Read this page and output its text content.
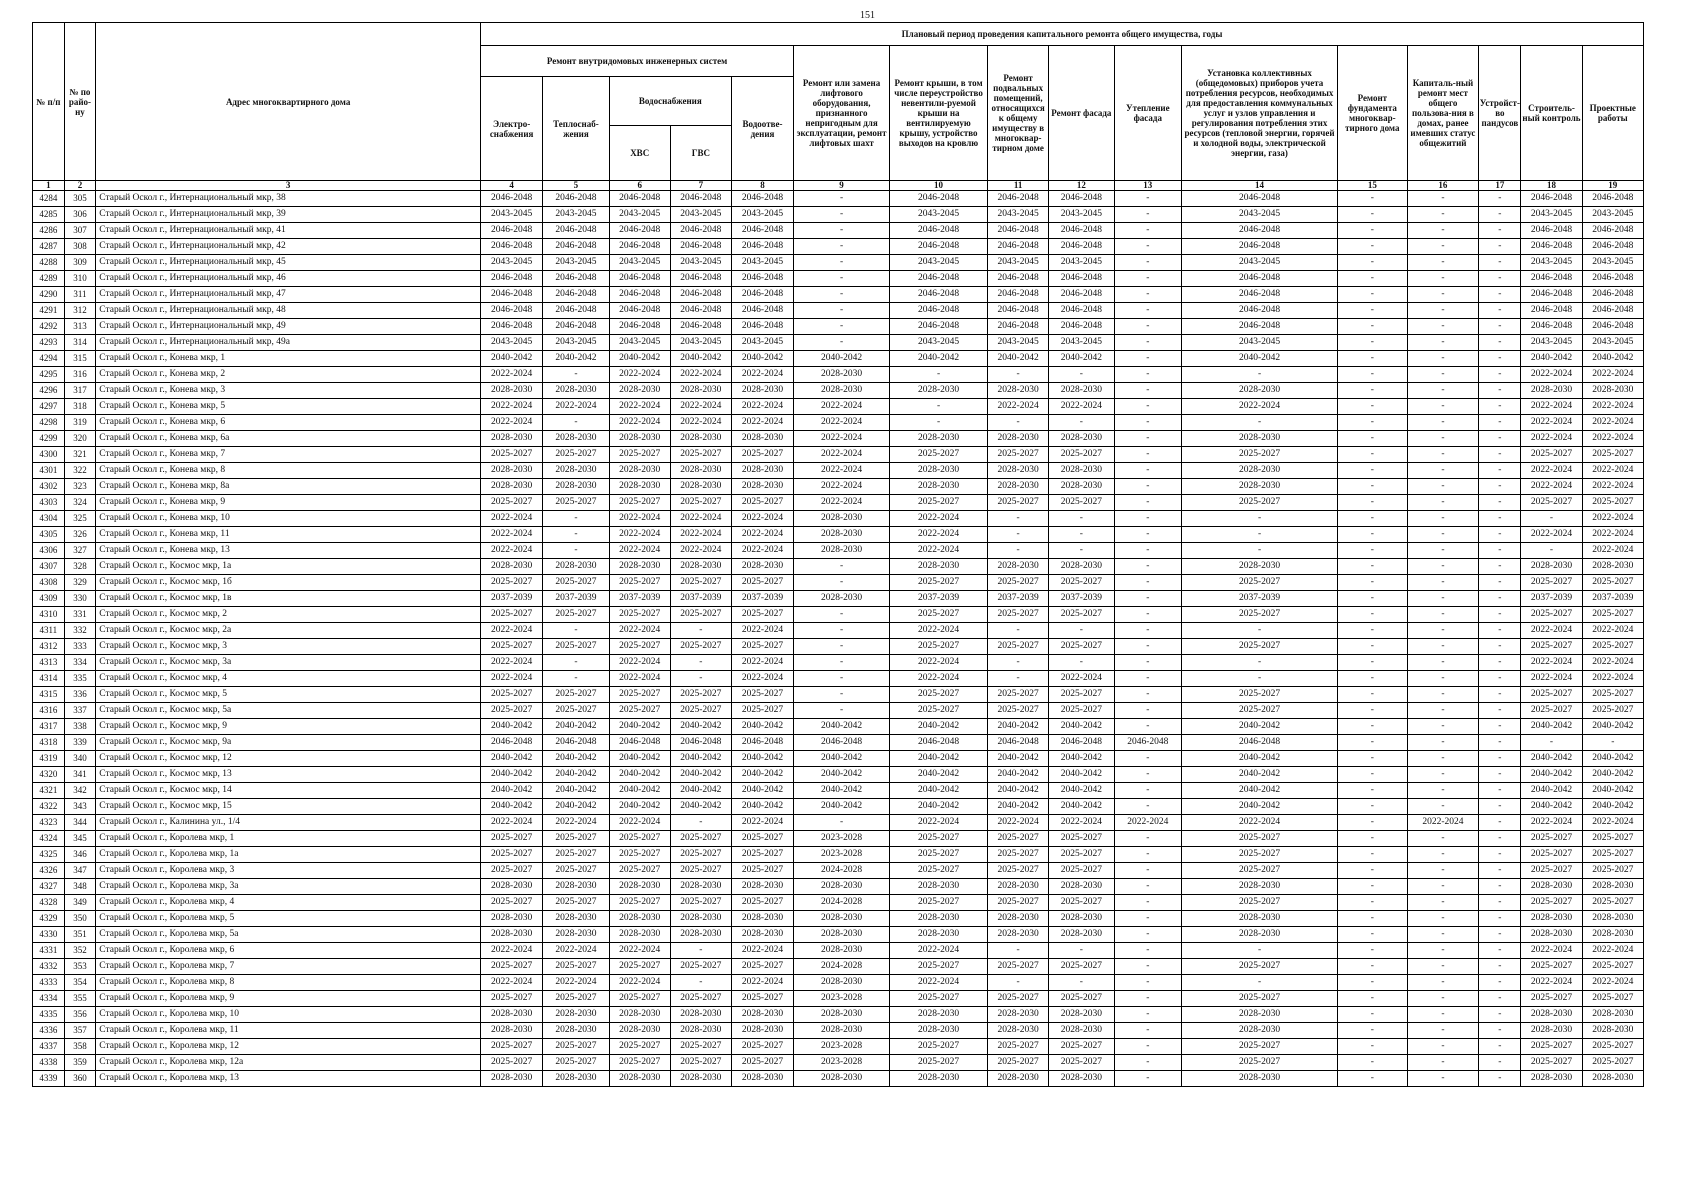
151
№ п/п	№ по райо-ну	Адрес многоквартирного дома	Плановый период проведения капитального ремонта общего имущества, годы															
			Ремонт внутридомовых инженерных систем					Ремонт или замена лифтового оборудования, признанного непригодным для эксплуатации, ремонт лифтовых шахт	Ремонт крыши, в том числе переустройство невентили-руемой крыши на вентилируемую крышу, устройство выходов на кровлю	Ремонт подвальных помещений, относящихся к общему имуществу в многоквар-тирном доме	Ремонт фасада	Утепление фасада	Установка коллективных (общедомовых) приборов учета потребления ресурсов, необходимых для предоставления коммунальных услуг и узлов управления и регулирования потребления этих ресурсов (тепловой энергии, горячей и холодной воды, электрической энергии, газа)	Ремонт фундамента многоквар-тирного дома	Капиталь-ный ремонт мест общего пользова-ния в домах, ранее имевших статус общежитий	Устройст-во пандусов	Строитель-ный контроль	Проектные работы
			Электро-снабжения	Теплоснаб-жения	Водоснабжения		Водоотве-дения											
					ХВС	ГВС												
1	2	3	4	5	6	7	8	9	10	11	12	13	14	15	16	17	18	19
4284	305	Старый Оскол г., Интернациональный мкр, 38	2046-2048	2046-2048	2046-2048	2046-2048	2046-2048	-	2046-2048	2046-2048	2046-2048	-	2046-2048	-	-	-	2046-2048	2046-2048
4285	306	Старый Оскол г., Интернациональный мкр, 39	2043-2045	2043-2045	2043-2045	2043-2045	2043-2045	-	2043-2045	2043-2045	2043-2045	-	2043-2045	-	-	-	2043-2045	2043-2045
4286	307	Старый Оскол г., Интернациональный мкр, 41	2046-2048	2046-2048	2046-2048	2046-2048	2046-2048	-	2046-2048	2046-2048	2046-2048	-	2046-2048	-	-	-	2046-2048	2046-2048
4287	308	Старый Оскол г., Интернациональный мкр, 42	2046-2048	2046-2048	2046-2048	2046-2048	2046-2048	-	2046-2048	2046-2048	2046-2048	-	2046-2048	-	-	-	2046-2048	2046-2048
4288	309	Старый Оскол г., Интернациональный мкр, 45	2043-2045	2043-2045	2043-2045	2043-2045	2043-2045	-	2043-2045	2043-2045	2043-2045	-	2043-2045	-	-	-	2043-2045	2043-2045
4289	310	Старый Оскол г., Интернациональный мкр, 46	2046-2048	2046-2048	2046-2048	2046-2048	2046-2048	-	2046-2048	2046-2048	2046-2048	-	2046-2048	-	-	-	2046-2048	2046-2048
4290	311	Старый Оскол г., Интернациональный мкр, 47	2046-2048	2046-2048	2046-2048	2046-2048	2046-2048	-	2046-2048	2046-2048	2046-2048	-	2046-2048	-	-	-	2046-2048	2046-2048
4291	312	Старый Оскол г., Интернациональный мкр, 48	2046-2048	2046-2048	2046-2048	2046-2048	2046-2048	-	2046-2048	2046-2048	2046-2048	-	2046-2048	-	-	-	2046-2048	2046-2048
4292	313	Старый Оскол г., Интернациональный мкр, 49	2046-2048	2046-2048	2046-2048	2046-2048	2046-2048	-	2046-2048	2046-2048	2046-2048	-	2046-2048	-	-	-	2046-2048	2046-2048
4293	314	Старый Оскол г., Интернациональный мкр, 49а	2043-2045	2043-2045	2043-2045	2043-2045	2043-2045	-	2043-2045	2043-2045	2043-2045	-	2043-2045	-	-	-	2043-2045	2043-2045
4294	315	Старый Оскол г., Конева мкр, 1	2040-2042	2040-2042	2040-2042	2040-2042	2040-2042	2040-2042	2040-2042	2040-2042	2040-2042	-	2040-2042	-	-	-	2040-2042	2040-2042
4295	316	Старый Оскол г., Конева мкр, 2	2022-2024	-	2022-2024	2022-2024	2022-2024	2028-2030	-	-	-	-	-	-	-	-	2022-2024	2022-2024
4296	317	Старый Оскол г., Конева мкр, 3	2028-2030	2028-2030	2028-2030	2028-2030	2028-2030	2028-2030	2028-2030	2028-2030	2028-2030	-	2028-2030	-	-	-	2028-2030	2028-2030
4297	318	Старый Оскол г., Конева мкр, 5	2022-2024	2022-2024	2022-2024	2022-2024	2022-2024	2022-2024	-	2022-2024	2022-2024	-	2022-2024	-	-	-	2022-2024	2022-2024
4298	319	Старый Оскол г., Конева мкр, 6	2022-2024	-	2022-2024	2022-2024	2022-2024	2022-2024	-	-	-	-	-	-	-	-	2022-2024	2022-2024
4299	320	Старый Оскол г., Конева мкр, 6а	2028-2030	2028-2030	2028-2030	2028-2030	2028-2030	2022-2024	2028-2030	2028-2030	2028-2030	-	2028-2030	-	-	-	2022-2024	2022-2024
4300	321	Старый Оскол г., Конева мкр, 7	2025-2027	2025-2027	2025-2027	2025-2027	2025-2027	2022-2024	2025-2027	2025-2027	2025-2027	-	2025-2027	-	-	-	2025-2027	2025-2027
4301	322	Старый Оскол г., Конева мкр, 8	2028-2030	2028-2030	2028-2030	2028-2030	2028-2030	2022-2024	2028-2030	2028-2030	2028-2030	-	2028-2030	-	-	-	2022-2024	2022-2024
4302	323	Старый Оскол г., Конева мкр, 8а	2028-2030	2028-2030	2028-2030	2028-2030	2028-2030	2022-2024	2028-2030	2028-2030	2028-2030	-	2028-2030	-	-	-	2022-2024	2022-2024
4303	324	Старый Оскол г., Конева мкр, 9	2025-2027	2025-2027	2025-2027	2025-2027	2025-2027	2022-2024	2025-2027	2025-2027	2025-2027	-	2025-2027	-	-	-	2025-2027	2025-2027
4304	325	Старый Оскол г., Конева мкр, 10	2022-2024	-	2022-2024	2022-2024	2022-2024	2028-2030	2022-2024	-	-	-	-	-	-	-	-	2022-2024
4305	326	Старый Оскол г., Конева мкр, 11	2022-2024	-	2022-2024	2022-2024	2022-2024	2028-2030	2022-2024	-	-	-	-	-	-	-	2022-2024	2022-2024
4306	327	Старый Оскол г., Конева мкр, 13	2022-2024	-	2022-2024	2022-2024	2022-2024	2028-2030	2022-2024	-	-	-	-	-	-	-	-	2022-2024
4307	328	Старый Оскол г., Космос мкр, 1а	2028-2030	2028-2030	2028-2030	2028-2030	2028-2030	-	2028-2030	2028-2030	2028-2030	-	2028-2030	-	-	-	2028-2030	2028-2030
4308	329	Старый Оскол г., Космос мкр, 1б	2025-2027	2025-2027	2025-2027	2025-2027	2025-2027	-	2025-2027	2025-2027	2025-2027	-	2025-2027	-	-	-	2025-2027	2025-2027
4309	330	Старый Оскол г., Космос мкр, 1в	2037-2039	2037-2039	2037-2039	2037-2039	2037-2039	2028-2030	2037-2039	2037-2039	2037-2039	-	2037-2039	-	-	-	2037-2039	2037-2039
4310	331	Старый Оскол г., Космос мкр, 2	2025-2027	2025-2027	2025-2027	2025-2027	2025-2027	-	2025-2027	2025-2027	2025-2027	-	2025-2027	-	-	-	2025-2027	2025-2027
4311	332	Старый Оскол г., Космос мкр, 2а	2022-2024	-	2022-2024	-	2022-2024	-	2022-2024	-	-	-	-	-	-	-	2022-2024	2022-2024
4312	333	Старый Оскол г., Космос мкр, 3	2025-2027	2025-2027	2025-2027	2025-2027	2025-2027	-	2025-2027	2025-2027	2025-2027	-	2025-2027	-	-	-	2025-2027	2025-2027
4313	334	Старый Оскол г., Космос мкр, 3а	2022-2024	-	2022-2024	-	2022-2024	-	2022-2024	-	-	-	-	-	-	-	2022-2024	2022-2024
4314	335	Старый Оскол г., Космос мкр, 4	2022-2024	-	2022-2024	-	2022-2024	-	2022-2024	-	2022-2024	-	-	-	-	-	2022-2024	2022-2024
4315	336	Старый Оскол г., Космос мкр, 5	2025-2027	2025-2027	2025-2027	2025-2027	2025-2027	-	2025-2027	2025-2027	2025-2027	-	2025-2027	-	-	-	2025-2027	2025-2027
4316	337	Старый Оскол г., Космос мкр, 5а	2025-2027	2025-2027	2025-2027	2025-2027	2025-2027	-	2025-2027	2025-2027	2025-2027	-	2025-2027	-	-	-	2025-2027	2025-2027
4317	338	Старый Оскол г., Космос мкр, 9	2040-2042	2040-2042	2040-2042	2040-2042	2040-2042	2040-2042	2040-2042	2040-2042	2040-2042	-	2040-2042	-	-	-	2040-2042	2040-2042
4318	339	Старый Оскол г., Космос мкр, 9а	2046-2048	2046-2048	2046-2048	2046-2048	2046-2048	2046-2048	2046-2048	2046-2048	2046-2048	2046-2048	2046-2048	-	-	-	-	-
4319	340	Старый Оскол г., Космос мкр, 12	2040-2042	2040-2042	2040-2042	2040-2042	2040-2042	2040-2042	2040-2042	2040-2042	2040-2042	-	2040-2042	-	-	-	2040-2042	2040-2042
4320	341	Старый Оскол г., Космос мкр, 13	2040-2042	2040-2042	2040-2042	2040-2042	2040-2042	2040-2042	2040-2042	2040-2042	2040-2042	-	2040-2042	-	-	-	2040-2042	2040-2042
4321	342	Старый Оскол г., Космос мкр, 14	2040-2042	2040-2042	2040-2042	2040-2042	2040-2042	2040-2042	2040-2042	2040-2042	2040-2042	-	2040-2042	-	-	-	2040-2042	2040-2042
4322	343	Старый Оскол г., Космос мкр, 15	2040-2042	2040-2042	2040-2042	2040-2042	2040-2042	2040-2042	2040-2042	2040-2042	2040-2042	-	2040-2042	-	-	-	2040-2042	2040-2042
4323	344	Старый Оскол г., Калинина ул., 1/4	2022-2024	2022-2024	2022-2024	-	2022-2024	-	2022-2024	2022-2024	2022-2024	2022-2024	2022-2024	-	2022-2024	-	2022-2024	2022-2024
4324	345	Старый Оскол г., Королева мкр, 1	2025-2027	2025-2027	2025-2027	2025-2027	2025-2027	2023-2028	2025-2027	2025-2027	2025-2027	-	2025-2027	-	-	-	2025-2027	2025-2027
4325	346	Старый Оскол г., Королева мкр, 1а	2025-2027	2025-2027	2025-2027	2025-2027	2025-2027	2023-2028	2025-2027	2025-2027	2025-2027	-	2025-2027	-	-	-	2025-2027	2025-2027
4326	347	Старый Оскол г., Королева мкр, 3	2025-2027	2025-2027	2025-2027	2025-2027	2025-2027	2024-2028	2025-2027	2025-2027	2025-2027	-	2025-2027	-	-	-	2025-2027	2025-2027
4327	348	Старый Оскол г., Королева мкр, 3а	2028-2030	2028-2030	2028-2030	2028-2030	2028-2030	2028-2030	2028-2030	2028-2030	2028-2030	-	2028-2030	-	-	-	2028-2030	2028-2030
4328	349	Старый Оскол г., Королева мкр, 4	2025-2027	2025-2027	2025-2027	2025-2027	2025-2027	2024-2028	2025-2027	2025-2027	2025-2027	-	2025-2027	-	-	-	2025-2027	2025-2027
4329	350	Старый Оскол г., Королева мкр, 5	2028-2030	2028-2030	2028-2030	2028-2030	2028-2030	2028-2030	2028-2030	2028-2030	2028-2030	-	2028-2030	-	-	-	2028-2030	2028-2030
4330	351	Старый Оскол г., Королева мкр, 5а	2028-2030	2028-2030	2028-2030	2028-2030	2028-2030	2028-2030	2028-2030	2028-2030	2028-2030	-	2028-2030	-	-	-	2028-2030	2028-2030
4331	352	Старый Оскол г., Королева мкр, 6	2022-2024	2022-2024	2022-2024	-	2022-2024	2028-2030	2022-2024	-	-	-	-	-	-	-	2022-2024	2022-2024
4332	353	Старый Оскол г., Королева мкр, 7	2025-2027	2025-2027	2025-2027	2025-2027	2025-2027	2024-2028	2025-2027	2025-2027	2025-2027	-	2025-2027	-	-	-	2025-2027	2025-2027
4333	354	Старый Оскол г., Королева мкр, 8	2022-2024	2022-2024	2022-2024	-	2022-2024	2028-2030	2022-2024	-	-	-	-	-	-	-	2022-2024	2022-2024
4334	355	Старый Оскол г., Королева мкр, 9	2025-2027	2025-2027	2025-2027	2025-2027	2025-2027	2023-2028	2025-2027	2025-2027	2025-2027	-	2025-2027	-	-	-	2025-2027	2025-2027
4335	356	Старый Оскол г., Королева мкр, 10	2028-2030	2028-2030	2028-2030	2028-2030	2028-2030	2028-2030	2028-2030	2028-2030	2028-2030	-	2028-2030	-	-	-	2028-2030	2028-2030
4336	357	Старый Оскол г., Королева мкр, 11	2028-2030	2028-2030	2028-2030	2028-2030	2028-2030	2028-2030	2028-2030	2028-2030	2028-2030	-	2028-2030	-	-	-	2028-2030	2028-2030
4337	358	Старый Оскол г., Королева мкр, 12	2025-2027	2025-2027	2025-2027	2025-2027	2025-2027	2023-2028	2025-2027	2025-2027	2025-2027	-	2025-2027	-	-	-	2025-2027	2025-2027
4338	359	Старый Оскол г., Королева мкр, 12а	2025-2027	2025-2027	2025-2027	2025-2027	2025-2027	2023-2028	2025-2027	2025-2027	2025-2027	-	2025-2027	-	-	-	2025-2027	2025-2027
4339	360	Старый Оскол г., Королева мкр, 13	2028-2030	2028-2030	2028-2030	2028-2030	2028-2030	2028-2030	2028-2030	2028-2030	2028-2030	-	2028-2030	-	-	-	2028-2030	2028-2030
